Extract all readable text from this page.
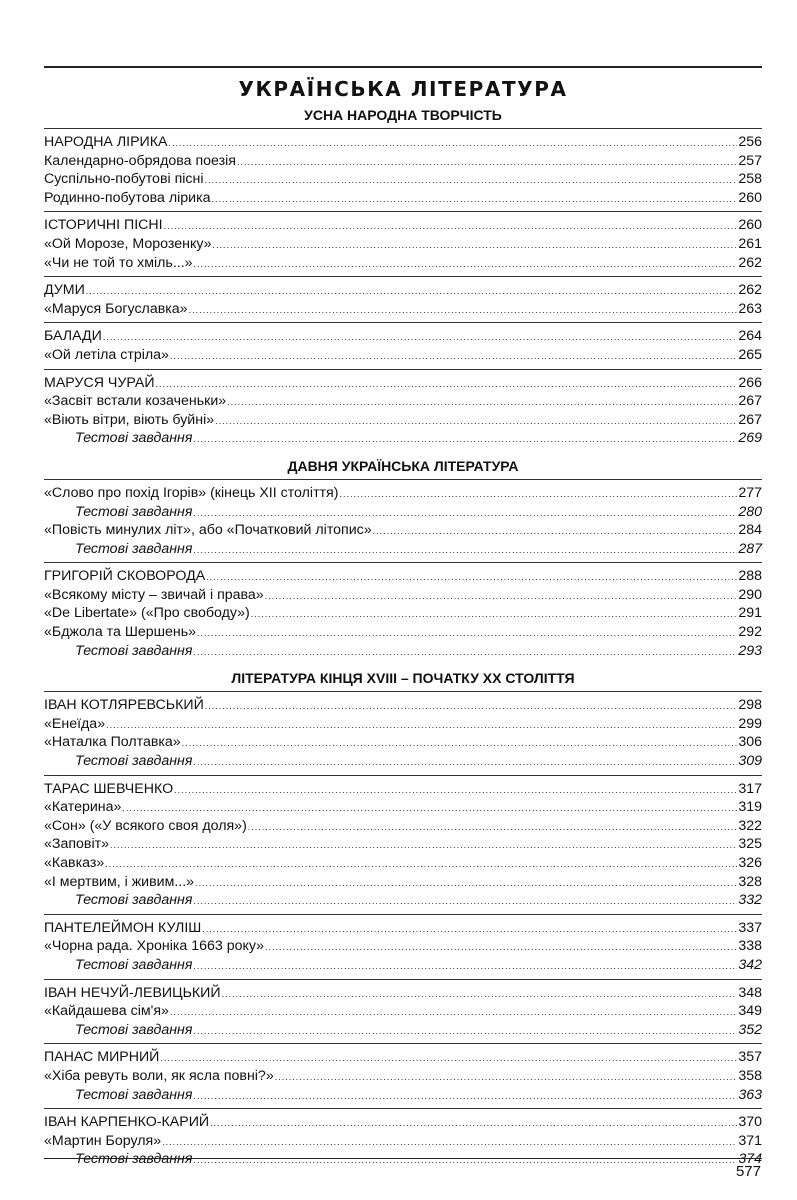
УКРАЇНСЬКА ЛІТЕРАТУРА
УСНА НАРОДНА ТВОРЧІСТЬ
НАРОДНА ЛІРИКА .....	256
Календарно-обрядова поезія .....	257
Суспільно-побутові пісні .....	258
Родинно-побутова лірика .....	260
ІСТОРИЧНІ ПІСНІ .....	260
«Ой Морозе, Морозенку» .....	261
«Чи не той то хміль...» .....	262
ДУМИ .....	262
«Маруся Богуславка» .....	263
БАЛАДИ .....	264
«Ой летіла стріла» .....	265
МАРУСЯ ЧУРАЙ .....	266
«Засвіт встали козаченьки» .....	267
«Віють вітри, віють буйні» .....	267
Тестові завдання .....	269
ДАВНЯ УКРАЇНСЬКА ЛІТЕРАТУРА
«Слово про похід Ігорів» (кінець XII століття) .....	277
Тестові завдання .....	280
«Повість минулих літ», або «Початковий літопис» .....	284
Тестові завдання .....	287
ГРИГОРІЙ СКОВОРОДА .....	288
«Всякому місту – звичай і права» .....	290
«De Libertate» («Про свободу») .....	291
«Бджола та Шершень» .....	292
Тестові завдання .....	293
ЛІТЕРАТУРА КІНЦЯ XVIII – ПОЧАТКУ XX СТОЛІТТЯ
ІВАН КОТЛЯРЕВСЬКИЙ .....	298
«Енеїда» .....	299
«Наталка Полтавка» .....	306
Тестові завдання .....	309
ТАРАС ШЕВЧЕНКО .....	317
«Катерина» .....	319
«Сон» («У всякого своя доля») .....	322
«Заповіт» .....	325
«Кавказ» .....	326
«І мертвим, і живим...» .....	328
Тестові завдання .....	332
ПАНТЕЛЕЙМОН КУЛІШ .....	337
«Чорна рада. Хроніка 1663 року» .....	338
Тестові завдання .....	342
ІВАН НЕЧУЙ-ЛЕВИЦЬКИЙ .....	348
«Кайдашева сім'я» .....	349
Тестові завдання .....	352
ПАНАС МИРНИЙ .....	357
«Хіба ревуть воли, як ясла повні?» .....	358
Тестові завдання .....	363
ІВАН КАРПЕНКО-КАРИЙ .....	370
«Мартин Боруля» .....	371
Тестові завдання .....	374
577
